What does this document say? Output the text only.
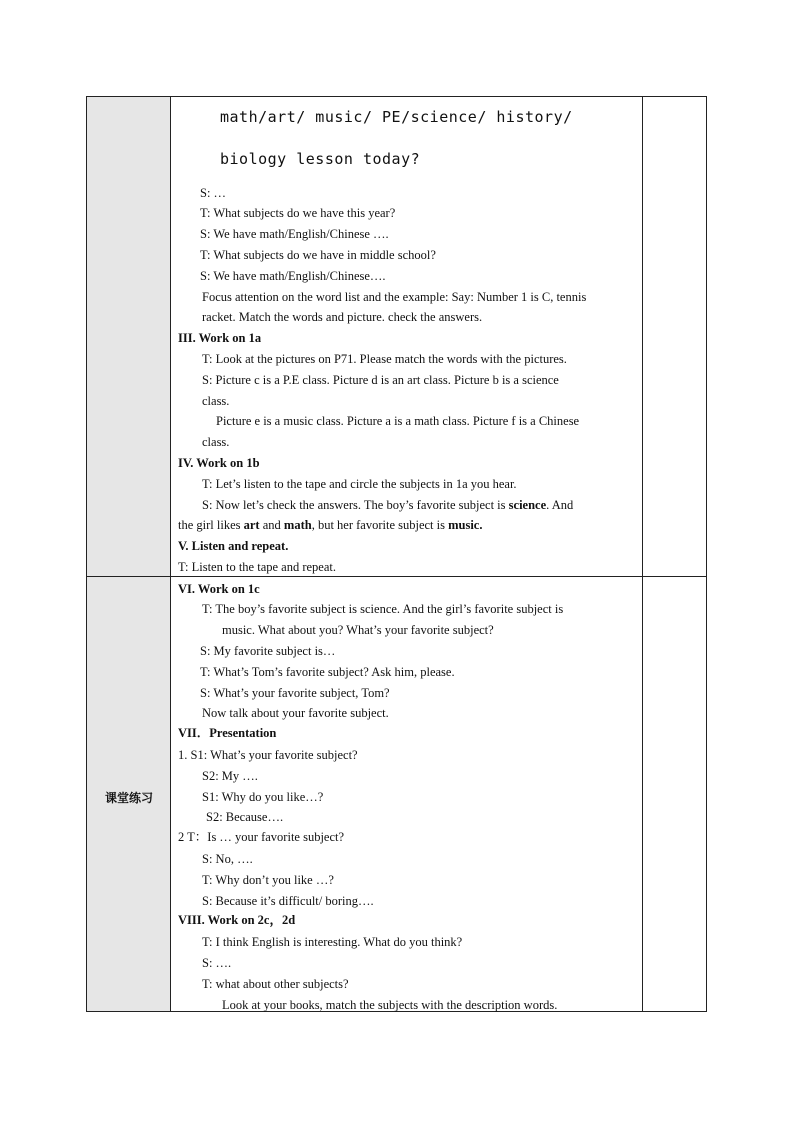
课堂练习
math/art/ music/ PE/science/ history/
biology lesson today?
S: …
T: What subjects do we have this year?
S: We have math/English/Chinese ….
T: What subjects do we have in middle school?
S: We have math/English/Chinese….
Focus attention on the word list and the example: Say: Number 1 is C, tennis
racket. Match the words and picture. check the answers.
III. Work on 1a
T: Look at the pictures on P71. Please match the words with the pictures.
S: Picture c is a P.E class. Picture d is an art class. Picture b is a science
class.
Picture e is a music class. Picture a is a math class. Picture f is a Chinese
class.
IV. Work on 1b
T: Let’s listen to the tape and circle the subjects in 1a you hear.
S: Now let’s check the answers. The boy’s favorite subject is science. And
the girl likes art and math, but her favorite subject is music.
V. Listen and repeat.
T: Listen to the tape and repeat.
VI. Work on 1c
T: The boy’s favorite subject is science. And the girl’s favorite subject is
music. What about you? What’s your favorite subject?
S: My favorite subject is…
T: What’s Tom’s favorite subject? Ask him, please.
S: What’s your favorite subject, Tom?
Now talk about your favorite subject.
VII．Presentation
1. S1: What’s your favorite subject?
S2: My ….
S1: Why do you like…?
S2: Because….
2 T：Is … your favorite subject?
S: No, ….
T: Why don’t you like …?
S: Because it’s difficult/ boring….
VIII. Work on 2c，2d
T: I think English is interesting. What do you think?
S: ….
T: what about other subjects?
Look at your books, match the subjects with the description words.
